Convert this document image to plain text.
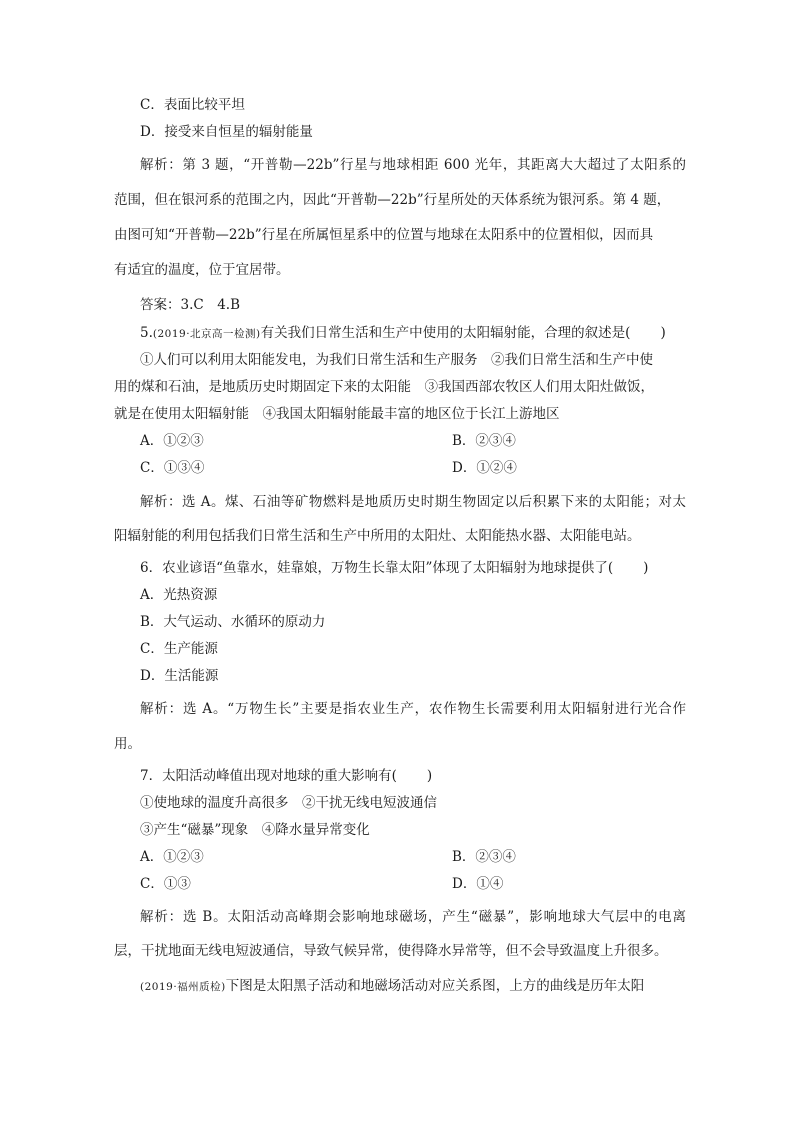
C．表面比较平坦
D．接受来自恒星的辐射能量
解析：第 3 题，“开普勒—22b”行星与地球相距 600 光年，其距离大大超过了太阳系的
范围，但在银河系的范围之内，因此“开普勒—22b”行星所处的天体系统为银河系。第 4 题，
由图可知“开普勒—22b”行星在所属恒星系中的位置与地球在太阳系中的位置相似，因而具
有适宜的温度，位于宜居带。
答案：3.C　4.B
5.(2019·北京高一检测)有关我们日常生活和生产中使用的太阳辐射能，合理的叙述是( )
①人们可以利用太阳能发电，为我们日常生活和生产服务　②我们日常生活和生产中使
用的煤和石油，是地质历史时期固定下来的太阳能　③我国西部农牧区人们用太阳灶做饭，
就是在使用太阳辐射能　④我国太阳辐射能最丰富的地区位于长江上游地区
A．①②③	B．②③④
C．①③④	D．①②④
解析：选 A。煤、石油等矿物燃料是地质历史时期生物固定以后积累下来的太阳能；对太
阳辐射能的利用包括我们日常生活和生产中所用的太阳灶、太阳能热水器、太阳能电站。
6．农业谚语“鱼靠水，娃靠娘，万物生长靠太阳”体现了太阳辐射为地球提供了( )
A．光热资源
B．大气运动、水循环的原动力
C．生产能源
D．生活能源
解析：选 A。“万物生长”主要是指农业生产，农作物生长需要利用太阳辐射进行光合作
用。
7．太阳活动峰值出现对地球的重大影响有( )
①使地球的温度升高很多　②干扰无线电短波通信
③产生“磁暴”现象　④降水量异常变化
A．①②③	B．②③④
C．①③	D．①④
解析：选 B。太阳活动高峰期会影响地球磁场，产生“磁暴”，影响地球大气层中的电离
层，干扰地面无线电短波通信，导致气候异常，使得降水异常等，但不会导致温度上升很多。
(2019·福州质检)下图是太阳黑子活动和地磁场活动对应关系图，上方的曲线是历年太阳
